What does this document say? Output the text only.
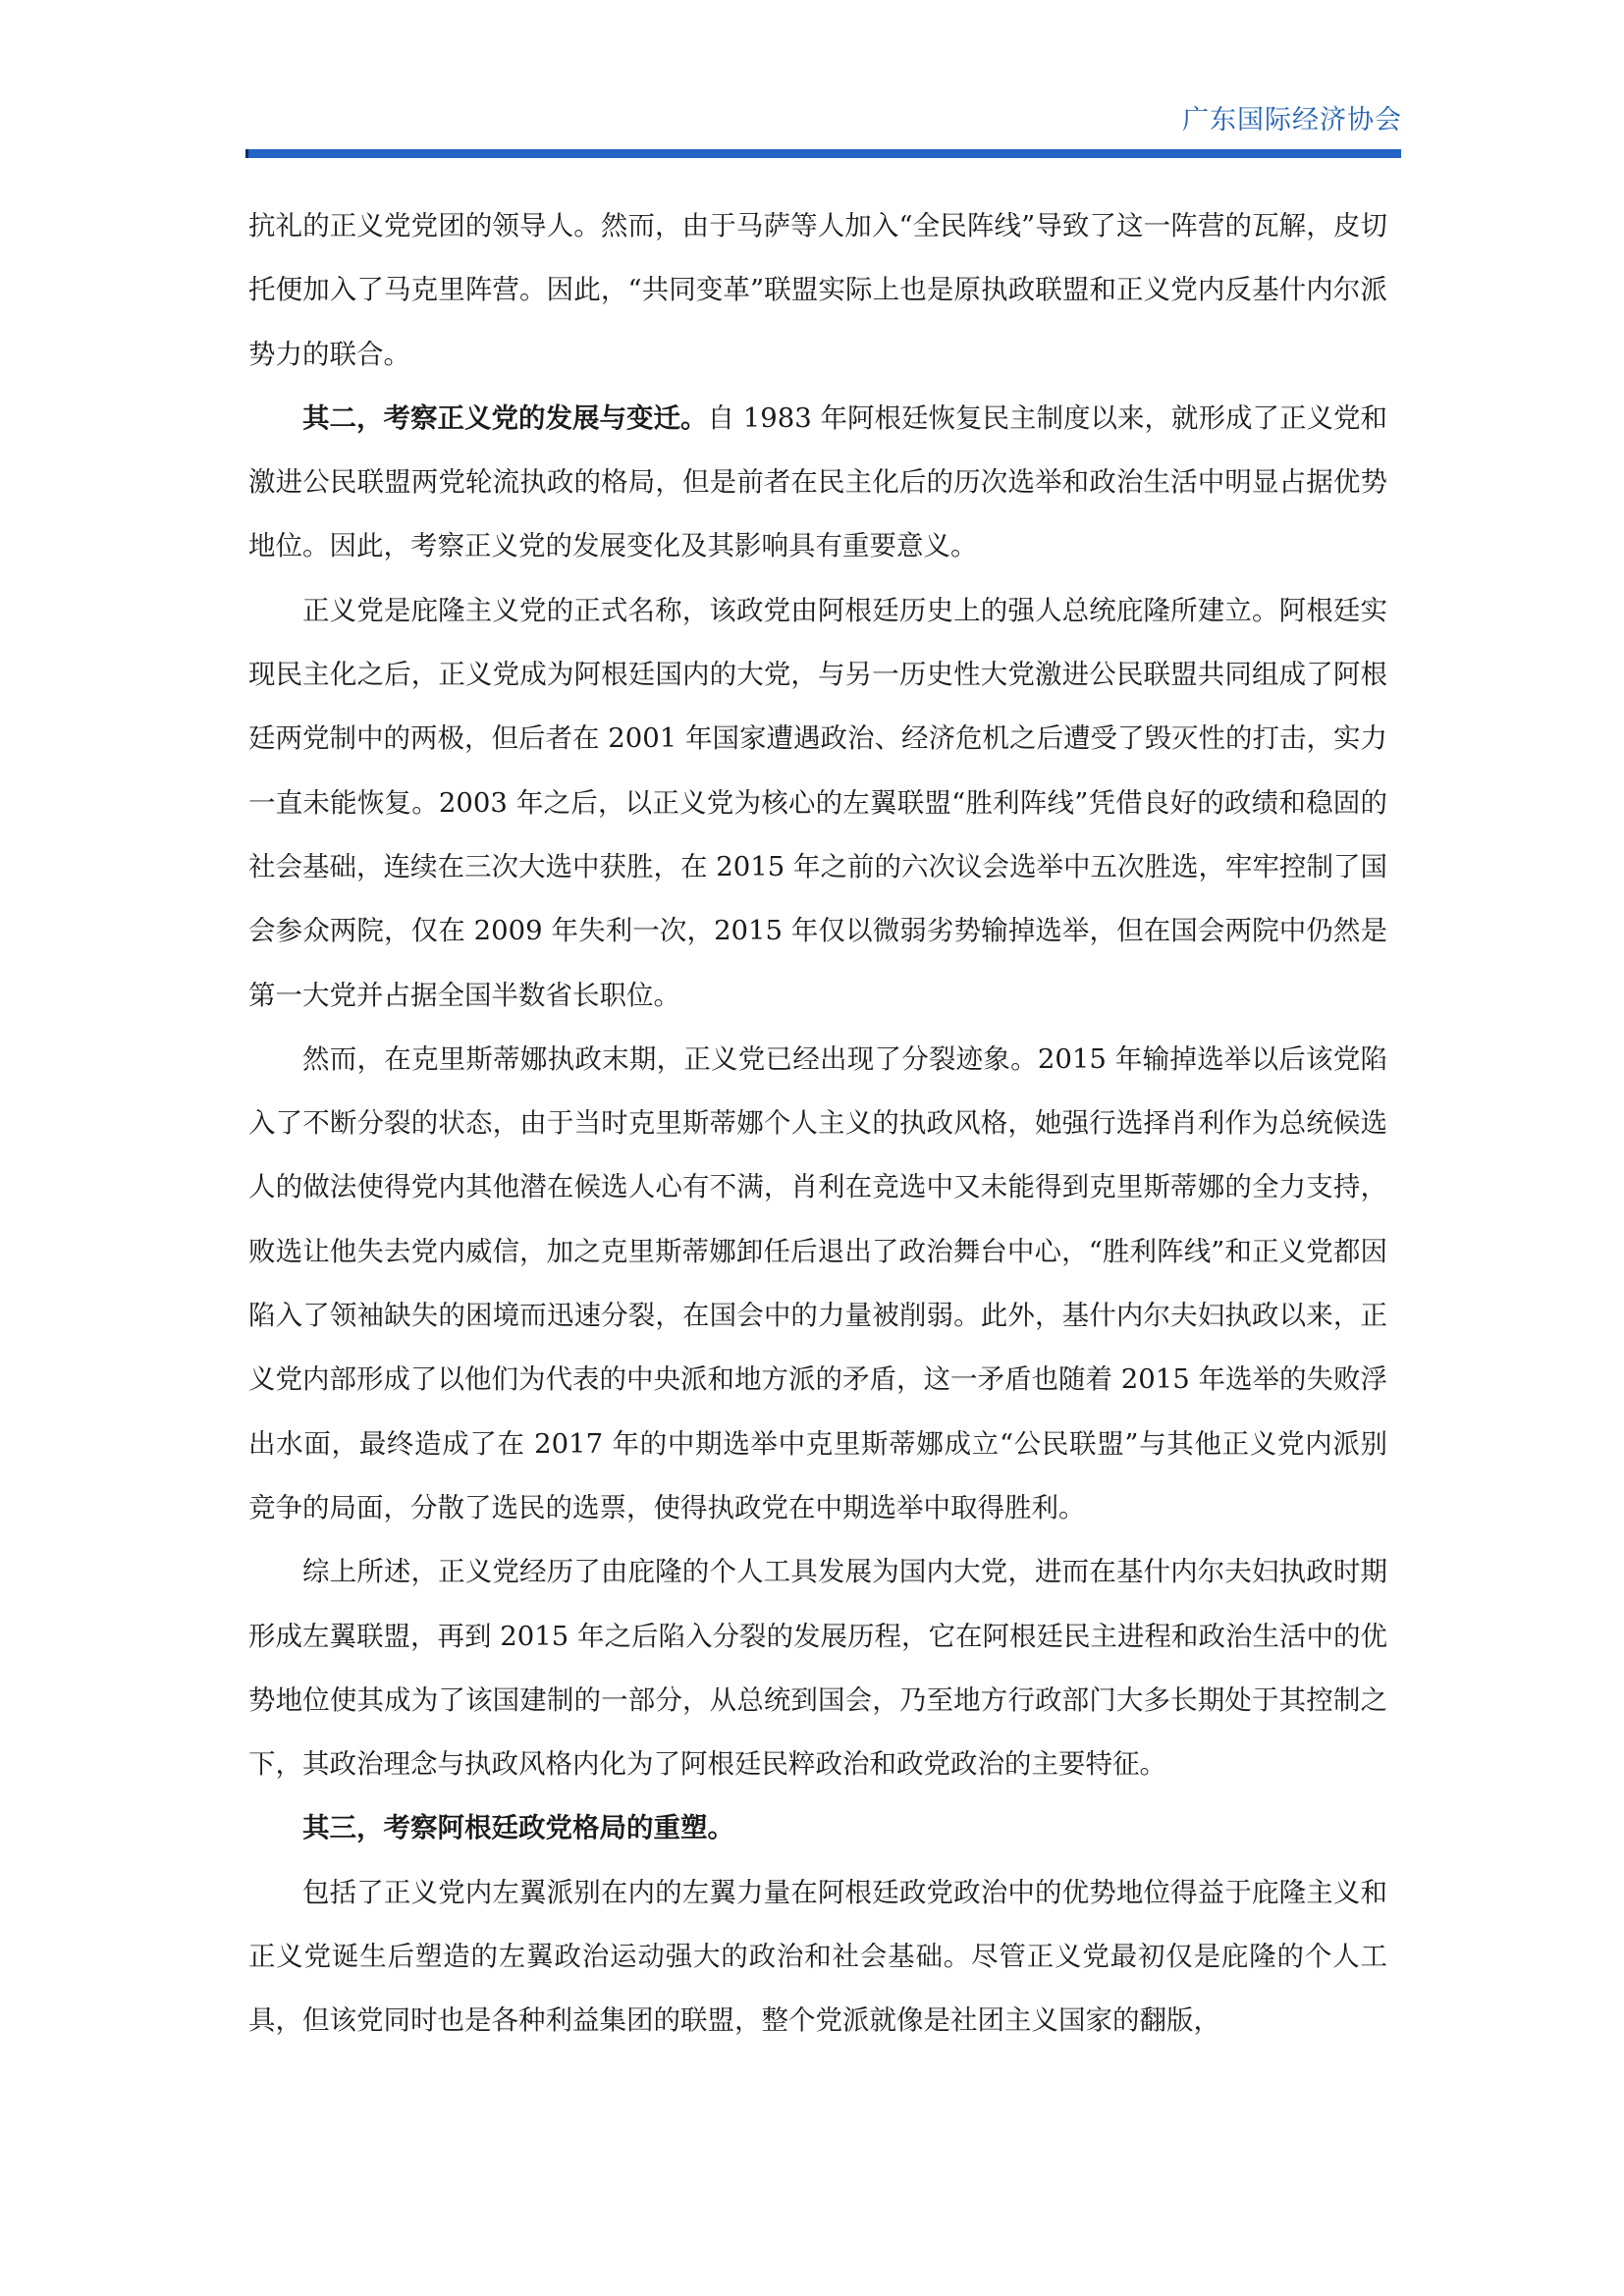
广东国际经济协会

抗礼的正义党党团的领导人。然而，由于马萨等人加入“全民阵线”导致了这一阵营的瓦解，皮切托便加入了马克里阵营。因此，“共同变革”联盟实际上也是原执政联盟和正义党内反基什内尔派势力的联合。

其二，考察正义党的发展与变迁。自 1983 年阿根廷恢复民主制度以来，就形成了正义党和激进公民联盟两党轮流执政的格局，但是前者在民主化后的历次选举和政治生活中明显占据优势地位。因此，考察正义党的发展变化及其影响具有重要意义。

正义党是庇隆主义党的正式名称，该政党由阿根廷历史上的强人总统庇隆所建立。阿根廷实现民主化之后，正义党成为阿根廷国内的大党，与另一历史性大党激进公民联盟共同组成了阿根廷两党制中的两极，但后者在 2001 年国家遭遇政治、经济危机之后遭受了毁灭性的打击，实力一直未能恢复。2003 年之后，以正义党为核心的左翼联盟“胜利阵线”凭借良好的政绩和稳固的社会基础，连续在三次大选中获胜，在 2015 年之前的六次议会选举中五次胜选，牢牢控制了国会参众两院，仅在 2009 年失利一次，2015 年仅以微弱劣势输掉选举，但在国会两院中仍然是第一大党并占据全国半数省长职位。

然而，在克里斯蒂娜执政末期，正义党已经出现了分裂迹象。2015 年输掉选举以后该党陷入了不断分裂的状态，由于当时克里斯蒂娜个人主义的执政风格，她强行选择肖利作为总统候选人的做法使得党内其他潜在候选人心有不满，肖利在竞选中又未能得到克里斯蒂娜的全力支持，败选让他失去党内威信，加之克里斯蒂娜卸任后退出了政治舞台中心，“胜利阵线”和正义党都因陷入了领袖缺失的困境而迅速分裂，在国会中的力量被削弱。此外，基什内尔夫妇执政以来，正义党内部形成了以他们为代表的中央派和地方派的矛盾，这一矛盾也随着 2015 年选举的失败浮出水面，最终造成了在 2017 年的中期选举中克里斯蒂娜成立“公民联盟”与其他正义党内派别竞争的局面，分散了选民的选票，使得执政党在中期选举中取得胜利。

综上所述，正义党经历了由庇隆的个人工具发展为国内大党，进而在基什内尔夫妇执政时期形成左翼联盟，再到 2015 年之后陷入分裂的发展历程，它在阿根廷民主进程和政治生活中的优势地位使其成为了该国建制的一部分，从总统到国会，乃至地方行政部门大多长期处于其控制之下，其政治理念与执政风格内化为了阿根廷民粹政治和政党政治的主要特征。

其三，考察阿根廷政党格局的重塑。

包括了正义党内左翼派别在内的左翼力量在阿根廷政党政治中的优势地位得益于庇隆主义和正义党诞生后塑造的左翼政治运动强大的政治和社会基础。尽管正义党最初仅是庇隆的个人工具，但该党同时也是各种利益集团的联盟，整个党派就像是社团主义国家的翻版，
